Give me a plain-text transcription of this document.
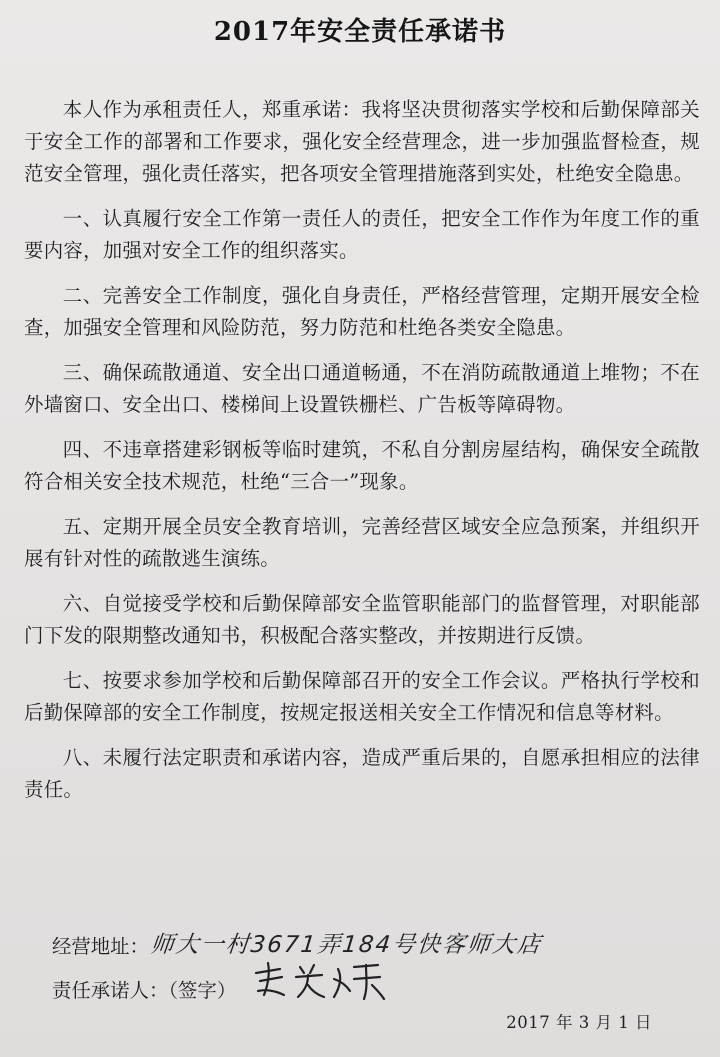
2017年安全责任承诺书

本人作为承租责任人，郑重承诺：我将坚决贯彻落实学校和后勤保障部关于安全工作的部署和工作要求，强化安全经营理念，进一步加强监督检查，规范安全管理，强化责任落实，把各项安全管理措施落到实处，杜绝安全隐患。

一、认真履行安全工作第一责任人的责任，把安全工作作为年度工作的重要内容，加强对安全工作的组织落实。

二、完善安全工作制度，强化自身责任，严格经营管理，定期开展安全检查，加强安全管理和风险防范，努力防范和杜绝各类安全隐患。

三、确保疏散通道、安全出口通道畅通，不在消防疏散通道上堆物；不在外墙窗口、安全出口、楼梯间上设置铁栅栏、广告板等障碍物。

四、不违章搭建彩钢板等临时建筑，不私自分割房屋结构，确保安全疏散符合相关安全技术规范，杜绝“三合一”现象。

五、定期开展全员安全教育培训，完善经营区域安全应急预案，并组织开展有针对性的疏散逃生演练。

六、自觉接受学校和后勤保障部安全监管职能部门的监督管理，对职能部门下发的限期整改通知书，积极配合落实整改，并按期进行反馈。

七、按要求参加学校和后勤保障部召开的安全工作会议。严格执行学校和后勤保障部的安全工作制度，按规定报送相关安全工作情况和信息等材料。

八、未履行法定职责和承诺内容，造成严重后果的，自愿承担相应的法律责任。

经营地址： 师大一村3671弄184号快客师大店
责任承诺人：（签字）
2017 年 3 月 1 日
